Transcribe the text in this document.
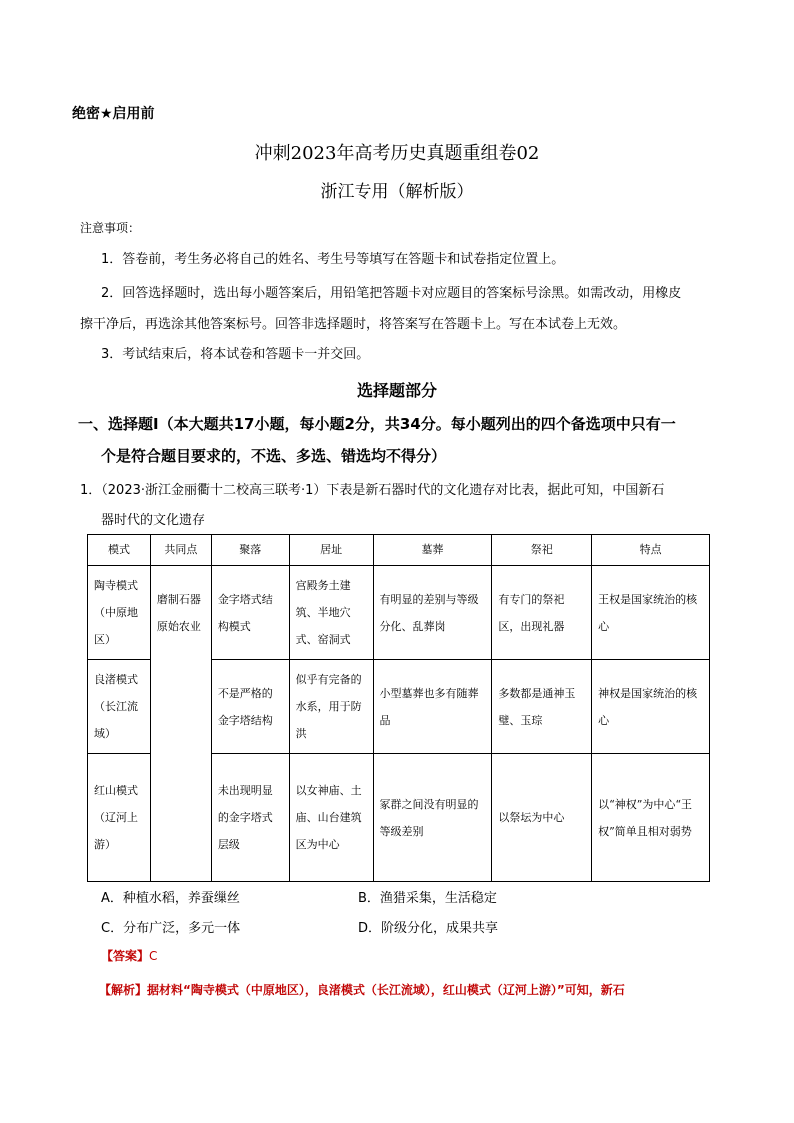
绝密★启用前
冲刺2023年高考历史真题重组卷02
浙江专用（解析版）
注意事项：
1．答卷前，考生务必将自己的姓名、考生号等填写在答题卡和试卷指定位置上。
2．回答选择题时，选出每小题答案后，用铅笔把答题卡对应题目的答案标号涂黑。如需改动，用橡皮
擦干净后，再选涂其他答案标号。回答非选择题时，将答案写在答题卡上。写在本试卷上无效。
3．考试结束后，将本试卷和答题卡一并交回。
选择题部分
一、选择题Ⅰ（本大题共17小题，每小题2分，共34分。每小题列出的四个备选项中只有一
个是符合题目要求的，不选、多选、错选均不得分）
1．（2023·浙江金丽衢十二校高三联考·1）下表是新石器时代的文化遗存对比表，据此可知，中国新石
器时代的文化遗存
模式	共同点	聚落	居址	墓葬	祭祀	特点
陶寺模式（中原地区）	磨制石器原始农业	金字塔式结构模式	宫殿务土建筑、半地穴式、窑洞式	有明显的差别与等级分化、乱葬岗	有专门的祭祀区，出现礼器	王权是国家统治的核心
良渚模式（长江流域）		不是严格的金字塔结构	似乎有完备的水系，用于防洪	小型墓葬也多有随葬品	多数都是通神玉璧、玉琮	神权是国家统治的核心
红山模式（辽河上游）		未出现明显的金字塔式层级	以女神庙、土庙、山台建筑区为中心	冢群之间没有明显的等级差别	以祭坛为中心	以“神权”为中心“王权”简单且相对弱势
A．种植水稻，养蚕缫丝	B．渔猎采集，生活稳定
C．分布广泛，多元一体	D．阶级分化，成果共享
【答案】C
【解析】据材料“陶寺模式（中原地区），良渚模式（长江流域），红山模式（辽河上游）”可知，新石
